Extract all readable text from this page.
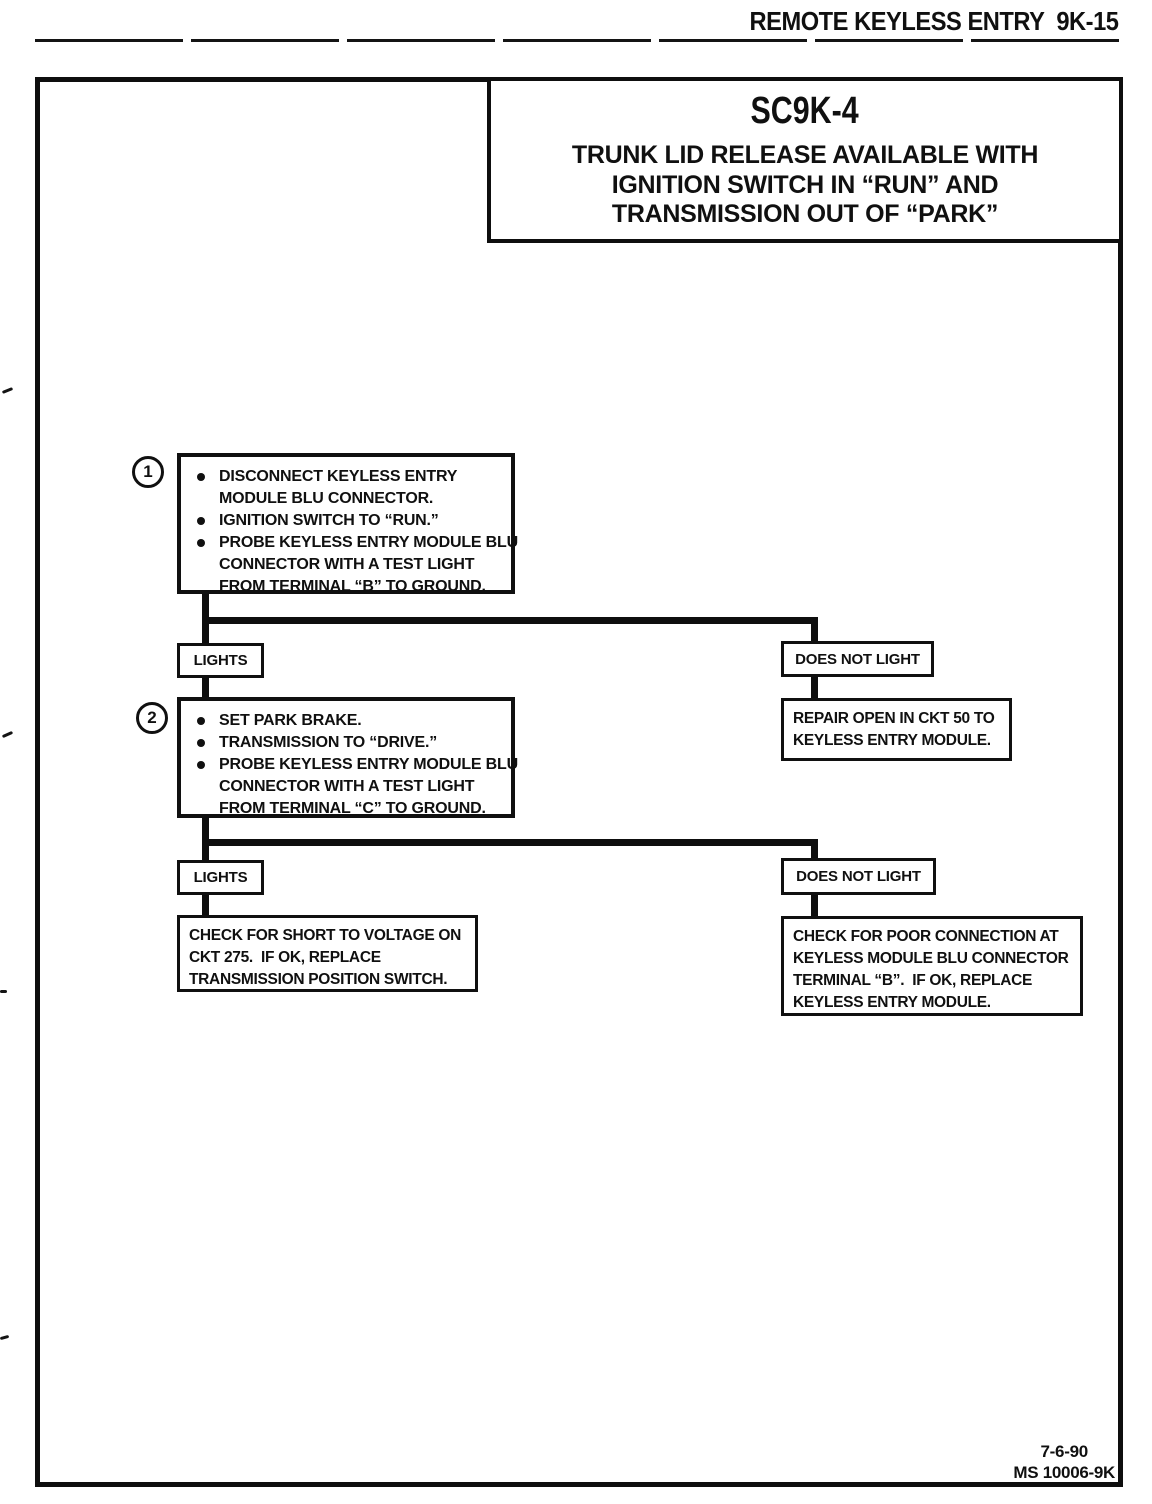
REMOTE KEYLESS ENTRY  9K-15
SC9K-4
TRUNK LID RELEASE AVAILABLE WITH
IGNITION SWITCH IN “RUN” AND
TRANSMISSION OUT OF “PARK”
1	DISCONNECT KEYLESS ENTRY
MODULE BLU CONNECTOR.
IGNITION SWITCH TO “RUN.”
PROBE KEYLESS ENTRY MODULE BLU
CONNECTOR WITH A TEST LIGHT
FROM TERMINAL “B” TO GROUND.
LIGHTS	DOES NOT LIGHT
REPAIR OPEN IN CKT 50 TO
KEYLESS ENTRY MODULE.
2	SET PARK BRAKE.
TRANSMISSION TO “DRIVE.”
PROBE KEYLESS ENTRY MODULE BLU
CONNECTOR WITH A TEST LIGHT
FROM TERMINAL “C” TO GROUND.
LIGHTS	DOES NOT LIGHT
CHECK FOR SHORT TO VOLTAGE ON
CKT 275.  IF OK, REPLACE
TRANSMISSION POSITION SWITCH.
CHECK FOR POOR CONNECTION AT
KEYLESS MODULE BLU CONNECTOR
TERMINAL “B”.  IF OK, REPLACE
KEYLESS ENTRY MODULE.
7-6-90
MS 10006-9K
